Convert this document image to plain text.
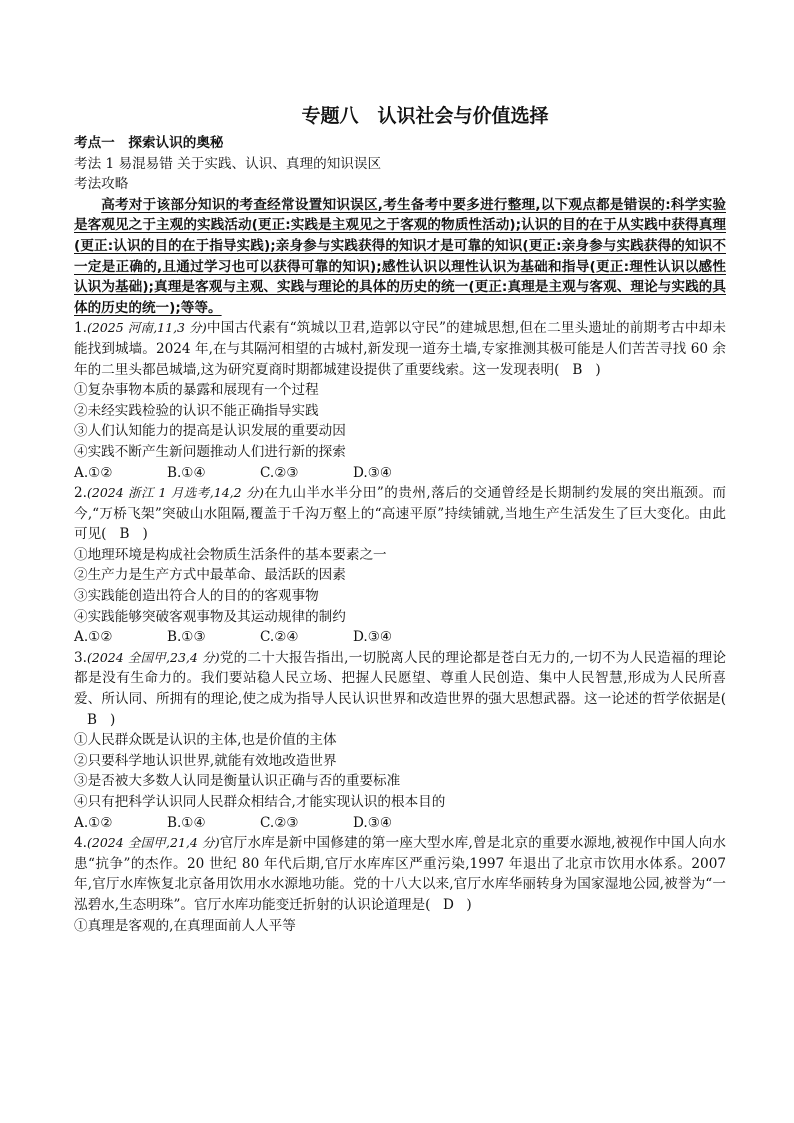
专题八　认识社会与价值选择
考点一　探索认识的奥秘
考法 1 易混易错 关于实践、认识、真理的知识误区
考法攻略
高考对于该部分知识的考查经常设置知识误区,考生备考中要多进行整理,以下观点都是错误的:科学实验是客观见之于主观的实践活动(更正:实践是主观见之于客观的物质性活动);认识的目的在于从实践中获得真理(更正:认识的目的在于指导实践);亲身参与实践获得的知识才是可靠的知识(更正:亲身参与实践获得的知识不一定是正确的,且通过学习也可以获得可靠的知识);感性认识以理性认识为基础和指导(更正:理性认识以感性认识为基础);真理是客观与主观、实践与理论的具体的历史的统一(更正:真理是主观与客观、理论与实践的具体的历史的统一);等等。
1.(2025 河南,11,3 分)中国古代素有“筑城以卫君,造郭以守民”的建城思想,但在二里头遗址的前期考古中却未能找到城墙。2024 年,在与其隔河相望的古城村,新发现一道夯土墙,专家推测其极可能是人们苦苦寻找 60 余年的二里头都邑城墙,这为研究夏商时期都城建设提供了重要线索。这一发现表明( B )
①复杂事物本质的暴露和展现有一个过程
②未经实践检验的认识不能正确指导实践
③人们认知能力的提高是认识发展的重要动因
④实践不断产生新问题推动人们进行新的探索
A.①②	B.①④	C.②③	D.③④
2.(2024 浙江 1 月选考,14,2 分)在九山半水半分田”的贵州,落后的交通曾经是长期制约发展的突出瓶颈。而今,“万桥飞架”突破山水阻隔,覆盖于千沟万壑上的“高速平原”持续铺就,当地生产生活发生了巨大变化。由此可见( B )
①地理环境是构成社会物质生活条件的基本要素之一
②生产力是生产方式中最革命、最活跃的因素
③实践能创造出符合人的目的的客观事物
④实践能够突破客观事物及其运动规律的制约
A.①②	B.①③	C.②④	D.③④
3.(2024 全国甲,23,4 分)党的二十大报告指出,一切脱离人民的理论都是苍白无力的,一切不为人民造福的理论都是没有生命力的。我们要站稳人民立场、把握人民愿望、尊重人民创造、集中人民智慧,形成为人民所喜爱、所认同、所拥有的理论,使之成为指导人民认识世界和改造世界的强大思想武器。这一论述的哲学依据是(B )
①人民群众既是认识的主体,也是价值的主体
②只要科学地认识世界,就能有效地改造世界
③是否被大多数人认同是衡量认识正确与否的重要标准
④只有把科学认识同人民群众相结合,才能实现认识的根本目的
A.①②	B.①④	C.②③	D.③④
4.(2024 全国甲,21,4 分)官厅水库是新中国修建的第一座大型水库,曾是北京的重要水源地,被视作中国人向水患“抗争”的杰作。20 世纪 80 年代后期,官厅水库库区严重污染,1997 年退出了北京市饮用水体系。2007 年,官厅水库恢复北京备用饮用水水源地功能。党的十八大以来,官厅水库华丽转身为国家湿地公园,被誉为“一泓碧水,生态明珠”。官厅水库功能变迁折射的认识论道理是( D )
①真理是客观的,在真理面前人人平等
